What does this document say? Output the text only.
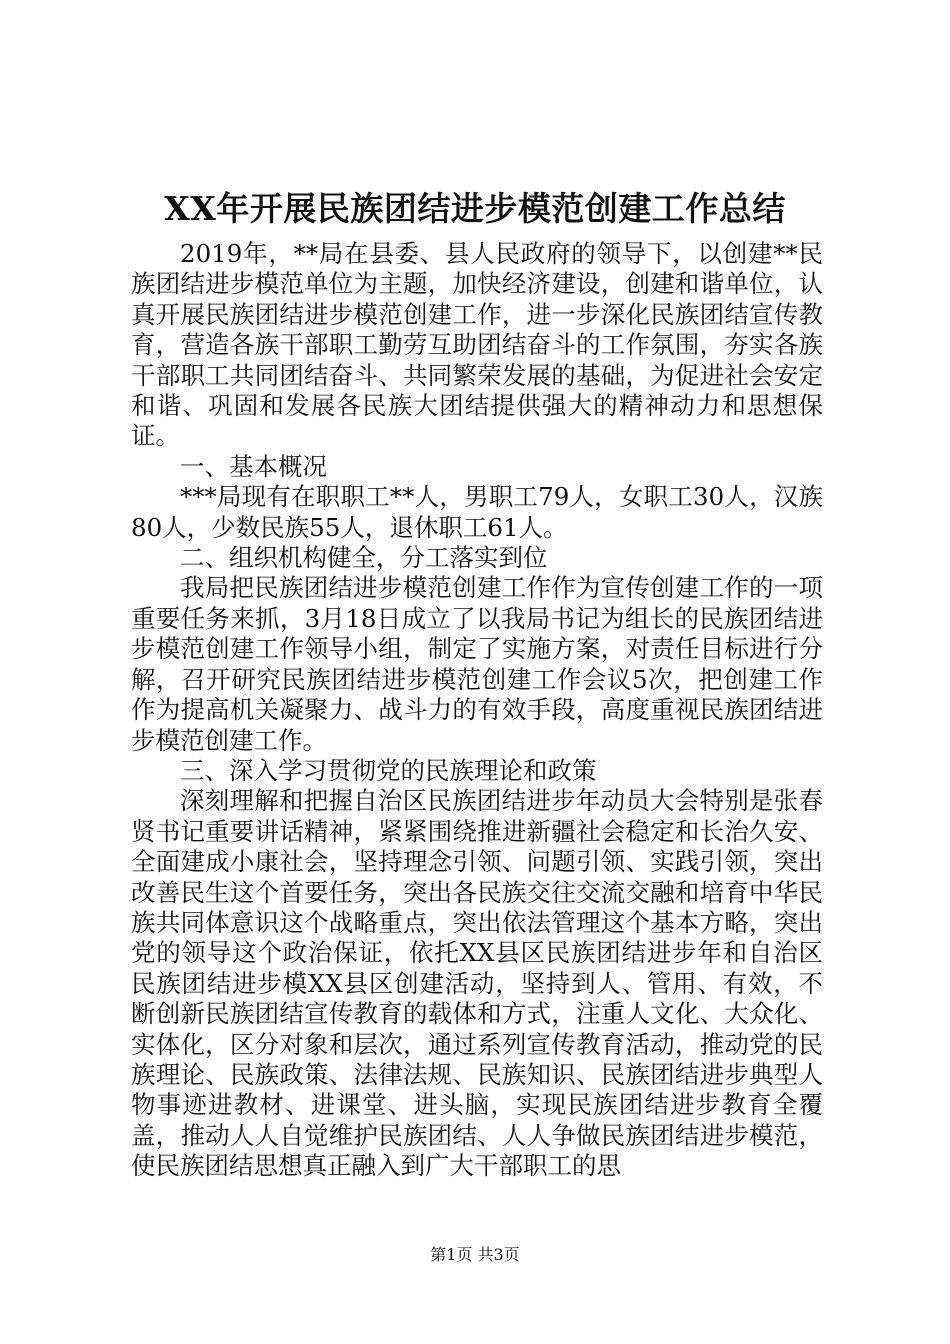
XX年开展民族团结进步模范创建工作总结

2019年，**局在县委、县人民政府的领导下，以创建**民族团结进步模范单位为主题，加快经济建设，创建和谐单位，认真开展民族团结进步模范创建工作，进一步深化民族团结宣传教育，营造各族干部职工勤劳互助团结奋斗的工作氛围，夯实各族干部职工共同团结奋斗、共同繁荣发展的基础，为促进社会安定和谐、巩固和发展各民族大团结提供强大的精神动力和思想保证。

一、基本概况

***局现有在职职工**人，男职工79人，女职工30人，汉族80人，少数民族55人，退休职工61人。

二、组织机构健全，分工落实到位

我局把民族团结进步模范创建工作作为宣传创建工作的一项重要任务来抓，3月18日成立了以我局书记为组长的民族团结进步模范创建工作领导小组，制定了实施方案，对责任目标进行分解，召开研究民族团结进步模范创建工作会议5次，把创建工作作为提高机关凝聚力、战斗力的有效手段，高度重视民族团结进步模范创建工作。

三、深入学习贯彻党的民族理论和政策

深刻理解和把握自治区民族团结进步年动员大会特别是张春贤书记重要讲话精神，紧紧围绕推进新疆社会稳定和长治久安、全面建成小康社会，坚持理念引领、问题引领、实践引领，突出改善民生这个首要任务，突出各民族交往交流交融和培育中华民族共同体意识这个战略重点，突出依法管理这个基本方略，突出党的领导这个政治保证，依托XX县区民族团结进步年和自治区民族团结进步模XX县区创建活动，坚持到人、管用、有效，不断创新民族团结宣传教育的载体和方式，注重人文化、大众化、实体化，区分对象和层次，通过系列宣传教育活动，推动党的民族理论、民族政策、法律法规、民族知识、民族团结进步典型人物事迹进教材、进课堂、进头脑，实现民族团结进步教育全覆盖，推动人人自觉维护民族团结、人人争做民族团结进步模范，使民族团结思想真正融入到广大干部职工的思

第1页 共3页
